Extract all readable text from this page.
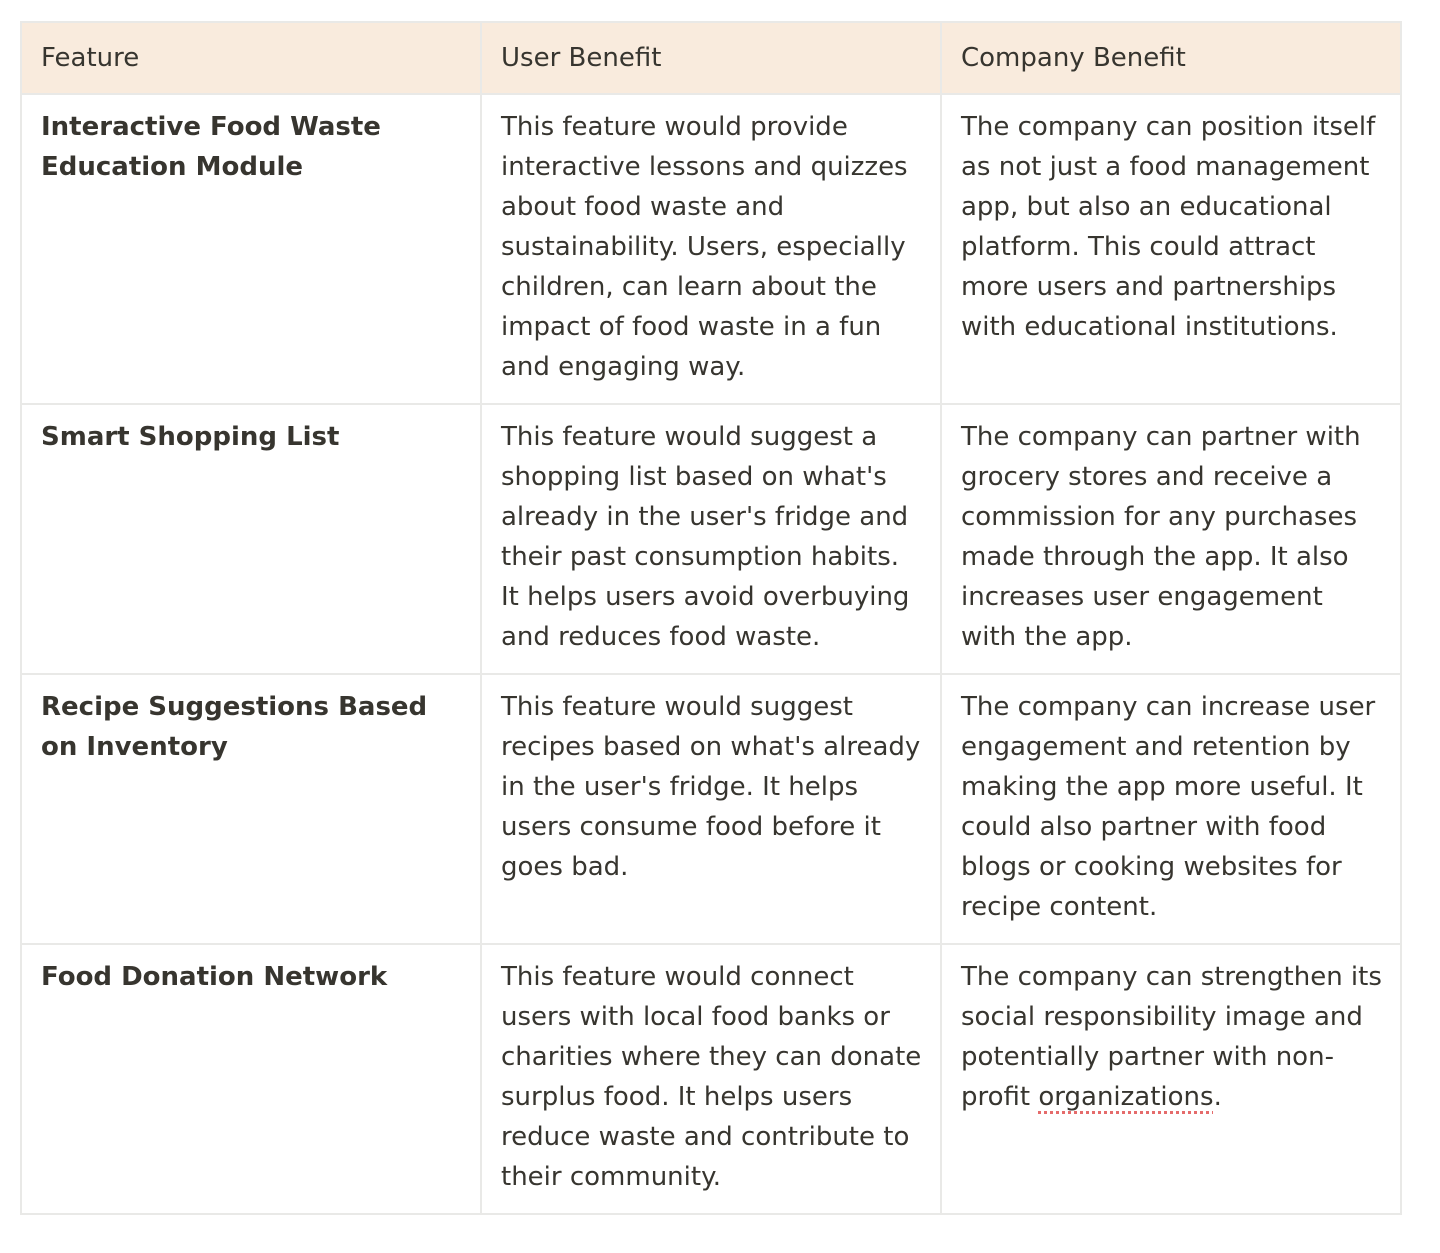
Feature	User Benefit	Company Benefit
Interactive Food Waste Education Module	This feature would provide interactive lessons and quizzes about food waste and sustainability. Users, especially children, can learn about the impact of food waste in a fun and engaging way.	The company can position itself as not just a food management app, but also an educational platform. This could attract more users and partnerships with educational institutions.
Smart Shopping List	This feature would suggest a shopping list based on what's already in the user's fridge and their past consumption habits. It helps users avoid overbuying and reduces food waste.	The company can partner with grocery stores and receive a commission for any purchases made through the app. It also increases user engagement with the app.
Recipe Suggestions Based on Inventory	This feature would suggest recipes based on what's already in the user's fridge. It helps users consume food before it goes bad.	The company can increase user engagement and retention by making the app more useful. It could also partner with food blogs or cooking websites for recipe content.
Food Donation Network	This feature would connect users with local food banks or charities where they can donate surplus food. It helps users reduce waste and contribute to their community.	The company can strengthen its social responsibility image and potentially partner with non-profit organizations.
